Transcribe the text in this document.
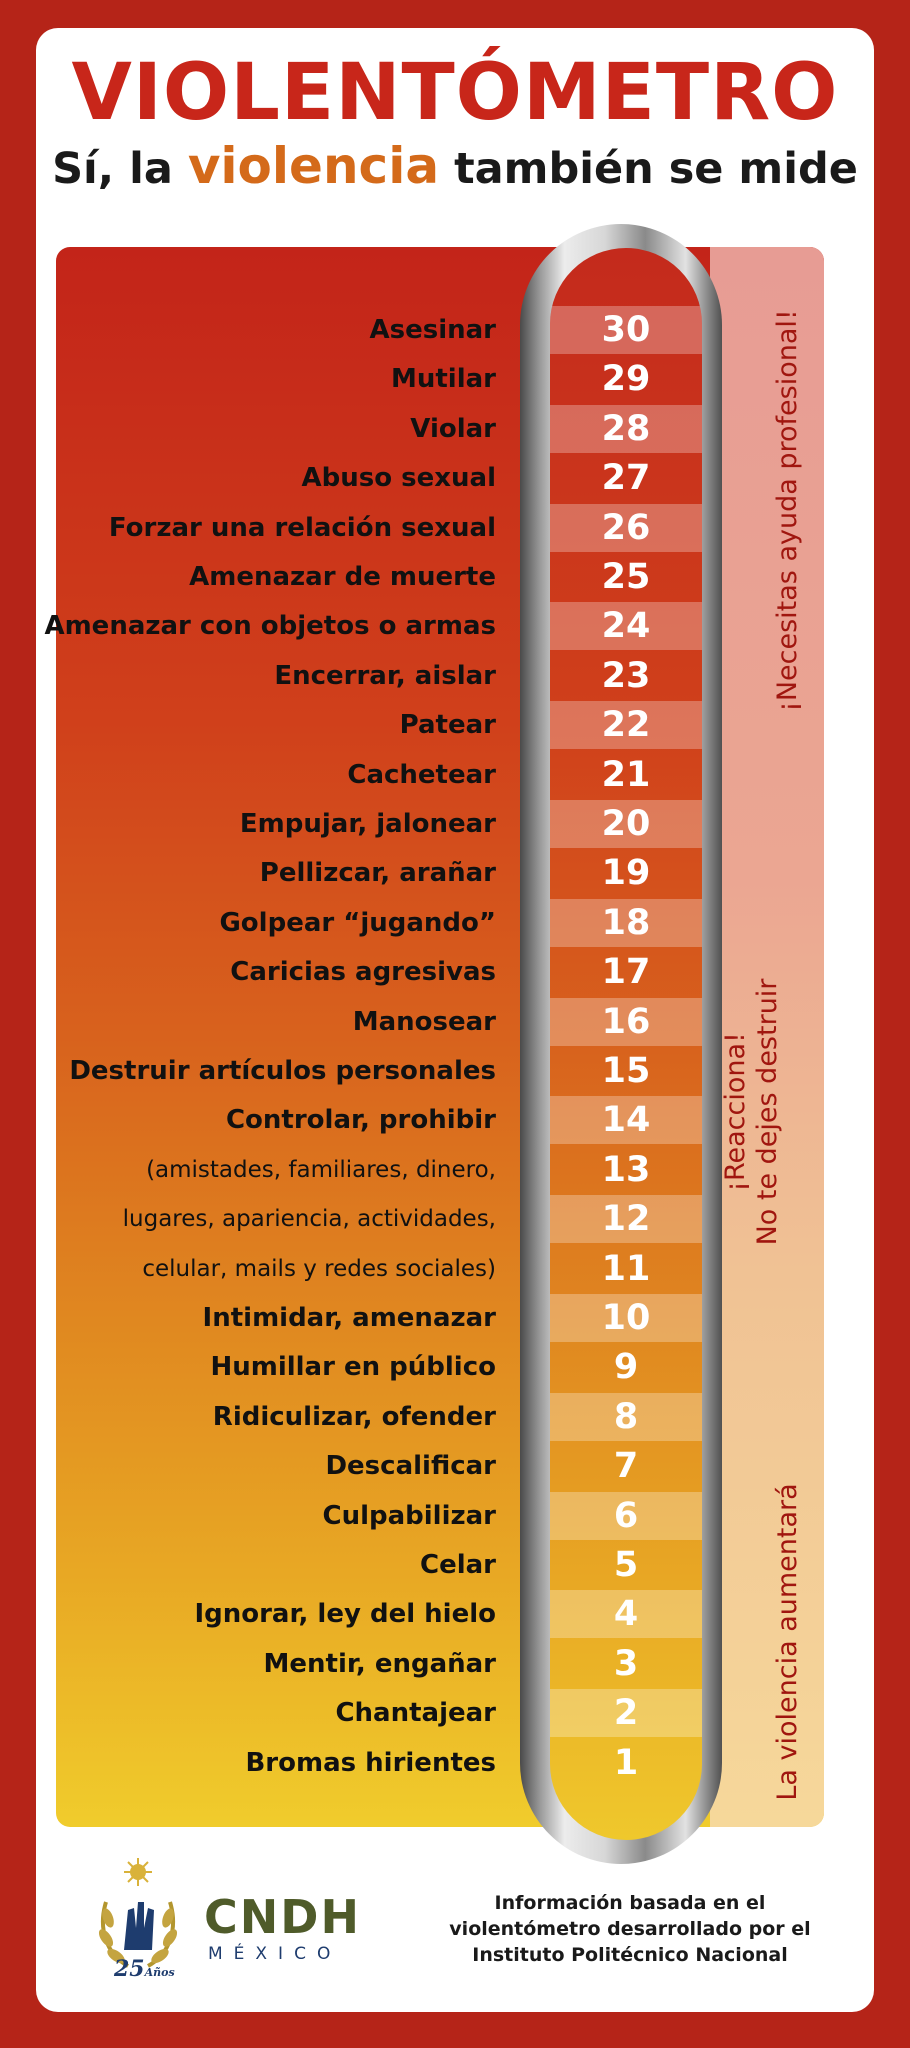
VIOLENTÓMETRO
Sí, la violencia también se mide
30
29
28
27
26
25
24
23
22
21
20
19
18
17
16
15
14
13
12
11
10
9
8
7
6
5
4
3
2
1
Asesinar
Mutilar
Violar
Abuso sexual
Forzar una relación sexual
Amenazar de muerte
Amenazar con objetos o armas
Encerrar, aislar
Patear
Cachetear
Empujar, jalonear
Pellizcar, arañar
Golpear “jugando”
Caricias agresivas
Manosear
Destruir artículos personales
Controlar, prohibir
(amistades, familiares, dinero,
lugares, apariencia, actividades,
celular, mails y redes sociales)
Intimidar, amenazar
Humillar en público
Ridiculizar, ofender
Descalificar
Culpabilizar
Celar
Ignorar, ley del hielo
Mentir, engañar
Chantajear
Bromas hirientes
¡Necesitas ayuda profesional!
¡Reacciona! No te dejes destruir
La violencia aumentará
CNDH
MÉXICO
25Años
Información basada en el
violentómetro desarrollado por el
Instituto Politécnico Nacional
